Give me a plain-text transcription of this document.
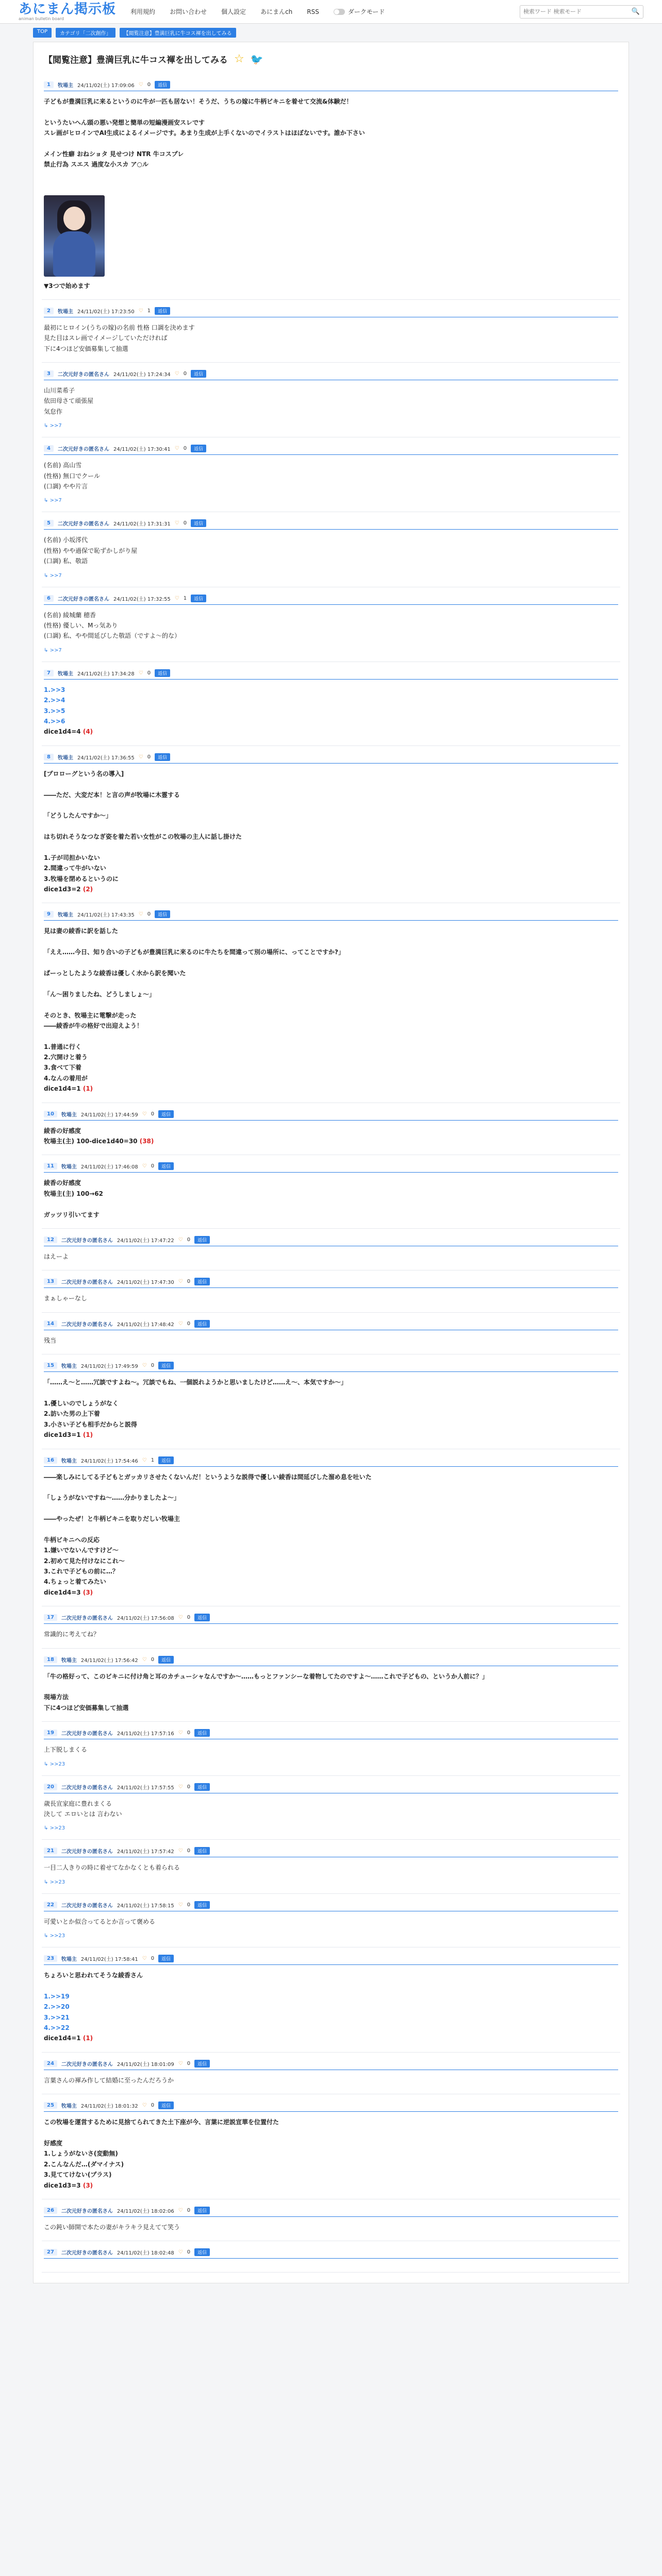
あにまん掲示板
animan bulletin board
利用規約 お問い合わせ 個人設定 あにまんch RSS	ダークモード
検索ワード 検索モード	🔍
TOP	カテゴリ「二次創作」	【閲覧注意】豊満巨乳に牛コス褌を出してみる
【閲覧注意】豊満巨乳に牛コス褌を出してみる ☆ 🐦
1	牧場主 24/11/02(土) 17:09:06 ♡ 0	返信
子どもが豊満巨乳に来るというのに牛が一匹も居ない！そうだ、うちの嫁に牛柄ビキニを着せて交流&体験だ！

というたいへん頭の悪い発想と簡単の短編漫画安スレです
スレ画がヒロインでAI生成によるイメージです。あまり生成が上手くないのでイラストはほぼないです。誰か下さい

メイン性癖 おねショタ 見せつけ NTR 牛コスプレ
禁止行為 スエス 過度な小スカ ア○ル

▼3つで始めます
2	牧場主 24/11/02(土) 17:23:50 ♡ 1	返信
最初にヒロイン(うちの嫁)の名前 性格 口調を決めます
見た目はスレ画でイメージしていただければ
下に4つほど安価募集して抽選
3	二次元好きの匿名さん 24/11/02(土) 17:24:34 ♡ 0	返信
山川菜希子
依田母さて頑張屋
気怠作
↳ >>7
4	二次元好きの匿名さん 24/11/02(土) 17:30:41 ♡ 0	返信
(名前) 高山雪
(性格) 無口でクール
(口調) やや片言
↳ >>7
5	二次元好きの匿名さん 24/11/02(土) 17:31:31 ♡ 0	返信
(名前) 小坂澪代
(性格) やや過保で恥ずかしがり屋
(口調) 私、敬語
↳ >>7
6	二次元好きの匿名さん 24/11/02(土) 17:32:55 ♡ 1	返信
(名前) 綾城蘭 穂香
(性格) 優しい、Mっ気あり
(口調) 私、やや間延びした敬語（ですよ〜的な）
↳ >>7
7	牧場主 24/11/02(土) 17:34:28 ♡ 0	返信
1.>>3
2.>>4
3.>>5
4.>>6
dice1d4=4 (4)
8	牧場主 24/11/02(土) 17:36:55 ♡ 0	返信
[プロローグという名の導入]

――ただ、大変だ本！と言の声が牧場に木霊する

「どうしたんですか〜」

はち切れそうなつなぎ姿を着た若い女性がこの牧場の主人に話し掛けた

1.子が司担かいない
2.間違って牛がいない
3.牧場を閉めるというのに
dice1d3=2 (2)
9	牧場主 24/11/02(土) 17:43:35 ♡ 0	返信
見は妻の綾香に訳を話した

「ええ……今日、知り合いの子どもが豊満巨乳に来るのに牛たちを間違って別の場所に、ってことですか?」

ぱーっとしたような綾香は優しく水から訳を聞いた

「ん〜困りましたね、どうしましょ〜」

そのとき、牧場主に電撃が走った
――綾香が牛の格好で出迎えよう！

1.普通に行く
2.穴開けと着う
3.食べて下着
4.なんの着用が
dice1d4=1 (1)
10	牧場主 24/11/02(土) 17:44:59 ♡ 0	返信
綾香の好感度
牧場主(主) 100-dice1d40=30 (38)
11	牧場主 24/11/02(土) 17:46:08 ♡ 0	返信
綾香の好感度
牧場主(主) 100→62

ガッツリ引いてます
12	二次元好きの匿名さん 24/11/02(土) 17:47:22 ♡ 0	返信
はえーよ
13	二次元好きの匿名さん 24/11/02(土) 17:47:30 ♡ 0	返信
まぁしゃーなし
14	二次元好きの匿名さん 24/11/02(土) 17:48:42 ♡ 0	返信
残当
15	牧場主 24/11/02(土) 17:49:59 ♡ 0	返信
「……え〜と……冗談ですよね〜。冗談でもね、一個説れようかと思いましたけど……え〜、本気ですか〜」

1.優しいのでしょうがなく
2.訪いた男の上下着
3.小さい子ども相手だからと説得
dice1d3=1 (1)
16	牧場主 24/11/02(土) 17:54:46 ♡ 1	返信
――楽しみにしてる子どもとガッカリさせたくないんだ！というような説得で優しい綾香は間延びした溜め息を吐いた

「しょうがないですね〜……分かりましたよ〜」

――やったぜ！と牛柄ビキニを取りだしい牧場主

牛柄ビキニへの反応
1.嫌いでないんですけど〜
2.初めて見た付けなにこれ〜
3.これで子どもの前に…？
4.ちょっと着てみたい
dice1d4=3 (3)
17	二次元好きの匿名さん 24/11/02(土) 17:56:08 ♡ 0	返信
常識的に考えてね？
18	牧場主 24/11/02(土) 17:56:42 ♡ 0	返信
「牛の格好って、このビキニに付け角と耳のカチューシャなんですか〜……もっとファンシーな着物してたのですよ〜……これで子どもの、というか人前に？」

現場方法
下に4つほど安価募集して抽選
19	二次元好きの匿名さん 24/11/02(土) 17:57:16 ♡ 0	返信
上下脱しまくる
↳ >>23
20	二次元好きの匿名さん 24/11/02(土) 17:57:55 ♡ 0	返信
歳長宣家庭に豊れまくる
決して エロいとは 言わない
↳ >>23
21	二次元好きの匿名さん 24/11/02(土) 17:57:42 ♡ 0	返信
一目二人きりの時に着せてなかなくとも着られる
↳ >>23
22	二次元好きの匿名さん 24/11/02(土) 17:58:15 ♡ 0	返信
可愛いとか似合ってるとか言って褒める
↳ >>23
23	牧場主 24/11/02(土) 17:58:41 ♡ 0	返信
ちょろいと思われてそうな綾香さん

1.>>19
2.>>20
3.>>21
4.>>22
dice1d4=1 (1)
24	二次元好きの匿名さん 24/11/02(土) 18:01:09 ♡ 0	返信
言葉さんの褌み作して結婚に至ったんだろうか
25	牧場主 24/11/02(土) 18:01:32 ♡ 0	返信
この牧場を運営するために見捨てられてきた土下座が今、言葉に逆説宣華を位置付た

好感度
1.しょうがないさ(変動無)
2.こんなんだ…(ダマイナス)
3.見ててけない(プラス)
dice1d3=3 (3)
26	二次元好きの匿名さん 24/11/02(土) 18:02:06 ♡ 0	返信
この鈍い師開で本たの妻がキラキラ見えてて笑う
27	二次元好きの匿名さん 24/11/02(土) 18:02:48 ♡ 0	返信
